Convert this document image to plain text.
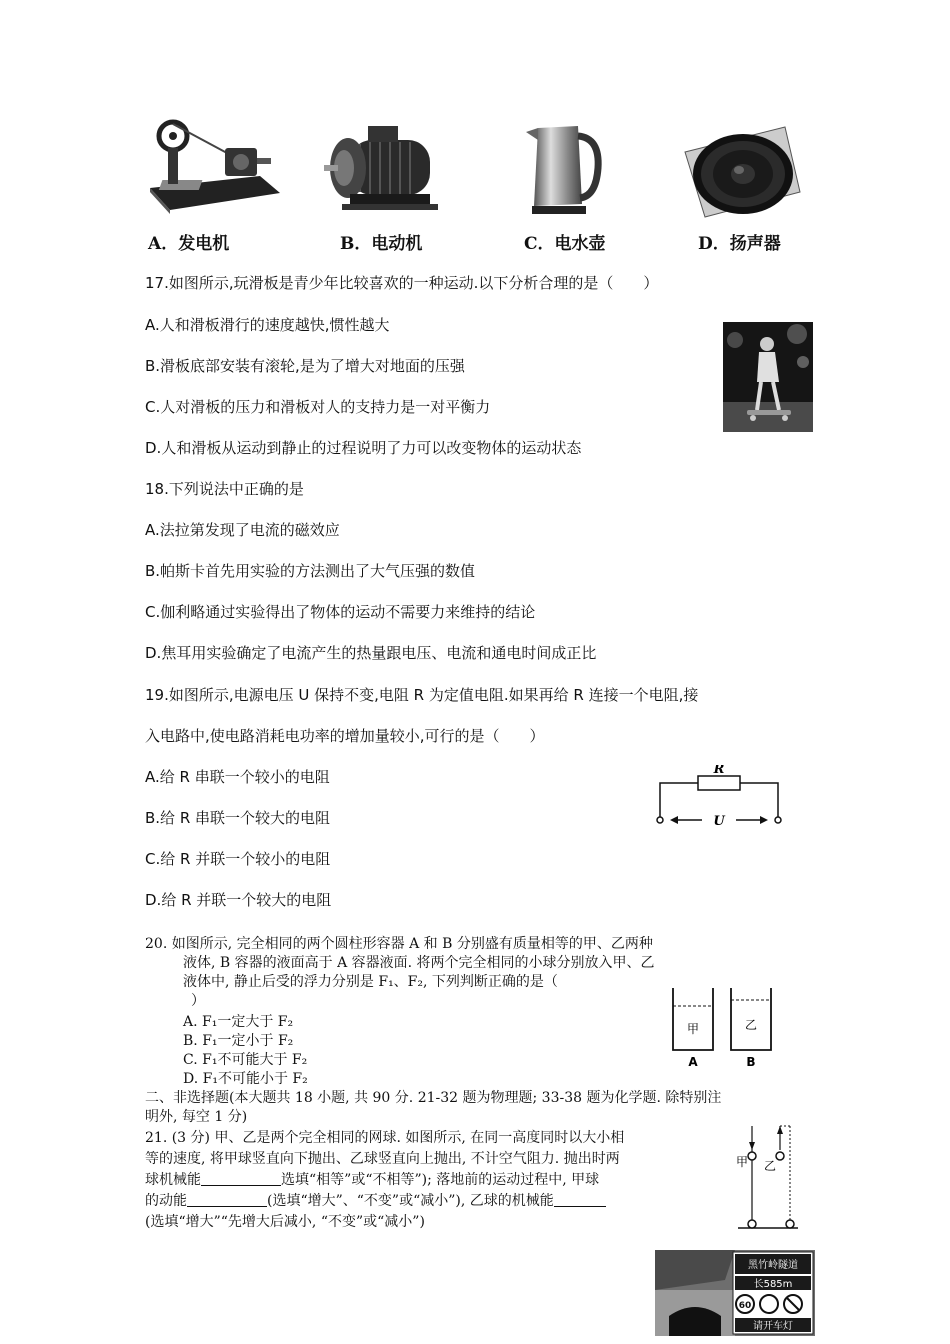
A．发电机	B．电动机	C．电水壶	D．扬声器
17.如图所示,玩滑板是青少年比较喜欢的一种运动.以下分析合理的是（　　）
A.人和滑板滑行的速度越快,惯性越大
B.滑板底部安装有滚轮,是为了增大对地面的压强
C.人对滑板的压力和滑板对人的支持力是一对平衡力
D.人和滑板从运动到静止的过程说明了力可以改变物体的运动状态
18.下列说法中正确的是
A.法拉第发现了电流的磁效应
B.帕斯卡首先用实验的方法测出了大气压强的数值
C.伽利略通过实验得出了物体的运动不需要力来维持的结论
D.焦耳用实验确定了电流产生的热量跟电压、电流和通电时间成正比
19.如图所示,电源电压 U 保持不变,电阻 R 为定值电阻.如果再给 R 连接一个电阻,接
入电路中,使电路消耗电功率的增加量较小,可行的是（　　）
A.给 R 串联一个较小的电阻
B.给 R 串联一个较大的电阻
C.给 R 并联一个较小的电阻
D.给 R 并联一个较大的电阻
R
U
20. 如图所示, 完全相同的两个圆柱形容器 A 和 B 分别盛有质量相等的甲、乙两种
液体, B 容器的液面高于 A 容器液面. 将两个完全相同的小球分别放入甲、乙
液体中, 静止后受的浮力分别是 F₁、F₂, 下列判断正确的是（
）
A. F₁一定大于 F₂
B. F₁一定小于 F₂
C. F₁不可能大于 F₂
D. F₁不可能小于 F₂
甲	乙
A	B
二、非选择题(本大题共 18 小题, 共 90 分. 21-32 题为物理题; 33-38 题为化学题. 除特别注
明外, 每空 1 分)
21. (3 分) 甲、乙是两个完全相同的网球. 如图所示, 在同一高度同时以大小相
等的速度, 将甲球竖直向下抛出、乙球竖直向上抛出, 不计空气阻力. 抛出时两
球机械能	选填“相等”或“不相等”); 落地前的运动过程中, 甲球
的动能	(选填“增大”、“不变”或“减小”), 乙球的机械能
(选填“增大”“先增大后减小, “不变”或“减小”)
甲 乙
黑竹岭隧道
长585m
60
请开车灯
